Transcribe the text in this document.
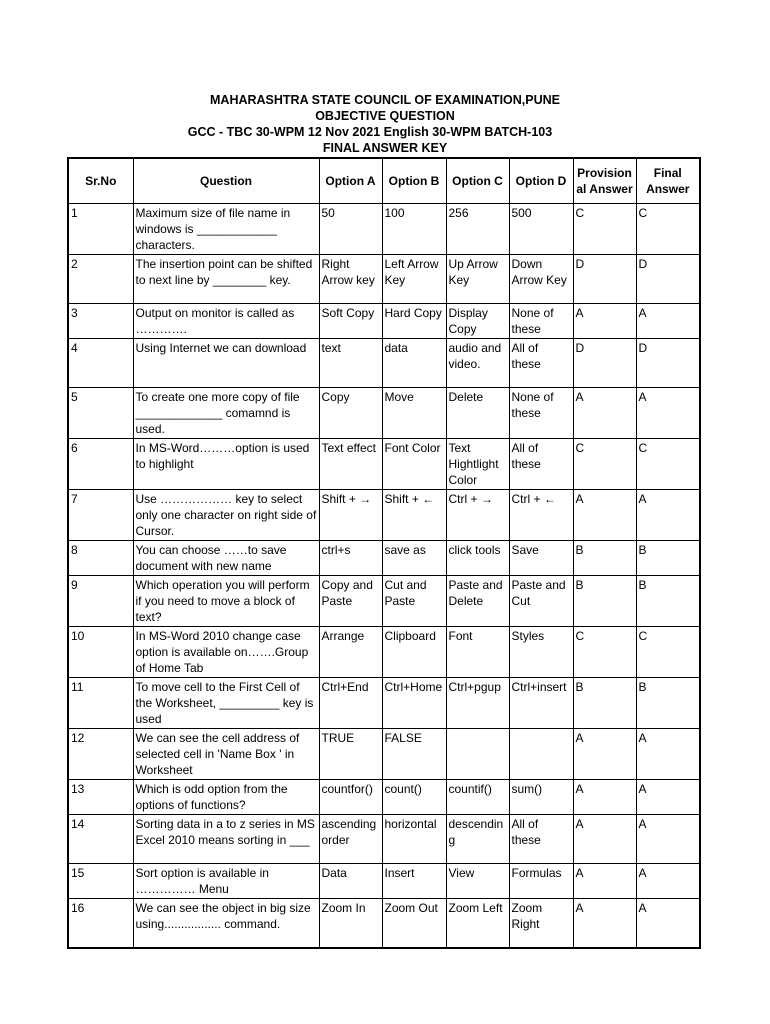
MAHARASHTRA STATE COUNCIL OF EXAMINATION,PUNE
OBJECTIVE QUESTION
GCC - TBC 30-WPM 12 Nov 2021 English 30-WPM BATCH-103
FINAL ANSWER KEY
Sr.No	Question	Option A	Option B	Option C	Option D	Provisional Answer	Final Answer
1	Maximum size of file name in windows is ____________ characters.	50	100	256	500	C	C
2	The insertion point can be shifted to next line by ________ key.	Right Arrow key	Left Arrow Key	Up Arrow Key	Down Arrow Key	D	D
3	Output on monitor is called as ………….	Soft Copy	Hard Copy	Display Copy	None of these	A	A
4	Using Internet we can download	text	data	audio and video.	All of these	D	D
5	To create one more copy of file _____________ comamnd is used.	Copy	Move	Delete	None of these	A	A
6	In MS-Word………option is used to highlight	Text effect	Font Color	Text Hightlight Color	All of these	C	C
7	Use ……………… key to select only one character on right side of Cursor.	Shift + →	Shift + ←	Ctrl + →	Ctrl + ←	A	A
8	You can choose ……to save document with new name	ctrl+s	save as	click tools	Save	B	B
9	Which operation you will perform if you need to move a block of text?	Copy and Paste	Cut and Paste	Paste and Delete	Paste and Cut	B	B
10	In MS-Word 2010 change case option is available on…….Group of Home Tab	Arrange	Clipboard	Font	Styles	C	C
11	To move cell to the First Cell of the Worksheet, _________ key is used	Ctrl+End	Ctrl+Home	Ctrl+pgup	Ctrl+insert	B	B
12	We can see the cell address of selected cell in 'Name Box ' in Worksheet	TRUE	FALSE			A	A
13	Which is odd option from the options of functions?	countfor()	count()	countif()	sum()	A	A
14	Sorting data in a to z series in MS Excel 2010 means sorting in ___	ascending order	horizontal	descending	All of these	A	A
15	Sort option is available in …………… Menu	Data	Insert	View	Formulas	A	A
16	We can see the object in big size using................. command.	Zoom In	Zoom Out	Zoom Left	Zoom Right	A	A
